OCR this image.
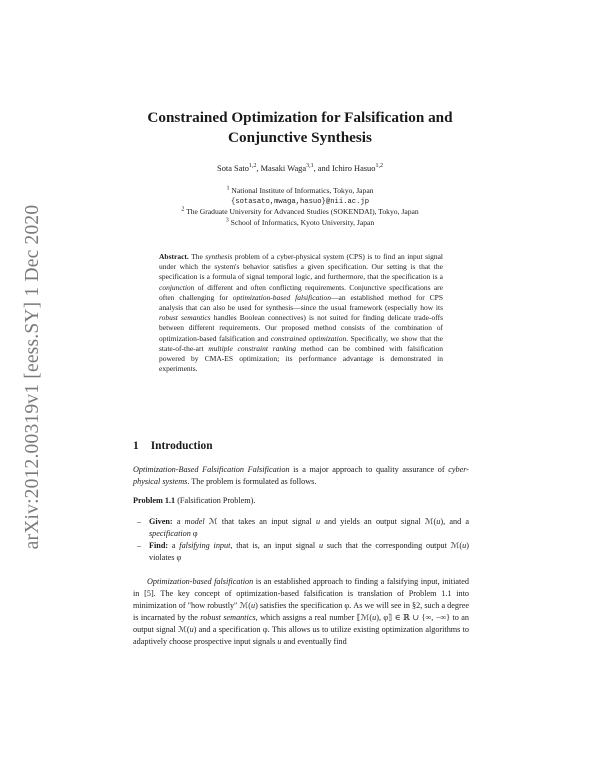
arXiv:2012.00319v1 [eess.SY] 1 Dec 2020
Constrained Optimization for Falsification and
Conjunctive Synthesis
Sota Sato$^{1,2}$, Masaki Waga$^{3,1}$, and Ichiro Hasuo$^{1,2}$
$^1$ National Institute of Informatics, Tokyo, Japan
{sotasato,mwaga,hasuo}@nii.ac.jp
$^2$ The Graduate University for Advanced Studies (SOKENDAI), Tokyo, Japan
$^3$ School of Informatics, Kyoto University, Japan
Abstract. The synthesis problem of a cyber-physical system (CPS) is to find an input signal under which the system's behavior satisfies a given specification. Our setting is that the specification is a formula of signal temporal logic, and furthermore, that the specification is a conjunction of different and often conflicting requirements. Conjunctive specifications are often challenging for optimization-based falsification—an established method for CPS analysis that can also be used for synthesis—since the usual framework (especially how its robust semantics handles Boolean connectives) is not suited for finding delicate trade-offs between different requirements. Our proposed method consists of the combination of optimization-based falsification and constrained optimization. Specifically, we show that the state-of-the-art multiple constraint ranking method can be combined with falsification powered by CMA-ES optimization; its performance advantage is demonstrated in experiments.
1 Introduction
Optimization-Based Falsification Falsification is a major approach to quality assurance of cyber-physical systems. The problem is formulated as follows.
Problem 1.1 (Falsification Problem).
– Given: a model ℳ that takes an input signal u and yields an output signal ℳ(u), and a specification φ
– Find: a falsifying input, that is, an input signal u such that the corresponding output ℳ(u) violates φ
Optimization-based falsification is an established approach to finding a falsifying input, initiated in [5]. The key concept of optimization-based falsification is translation of Problem 1.1 into minimization of "how robustly" ℳ(u) satisfies the specification φ. As we will see in §2, such a degree is incarnated by the robust semantics, which assigns a real number ⟦ℳ(u), φ⟧ ∈ ℝ ∪ {∞, −∞} to an output signal ℳ(u) and a specification φ. This allows us to utilize existing optimization algorithms to adaptively choose prospective input signals u and eventually find
